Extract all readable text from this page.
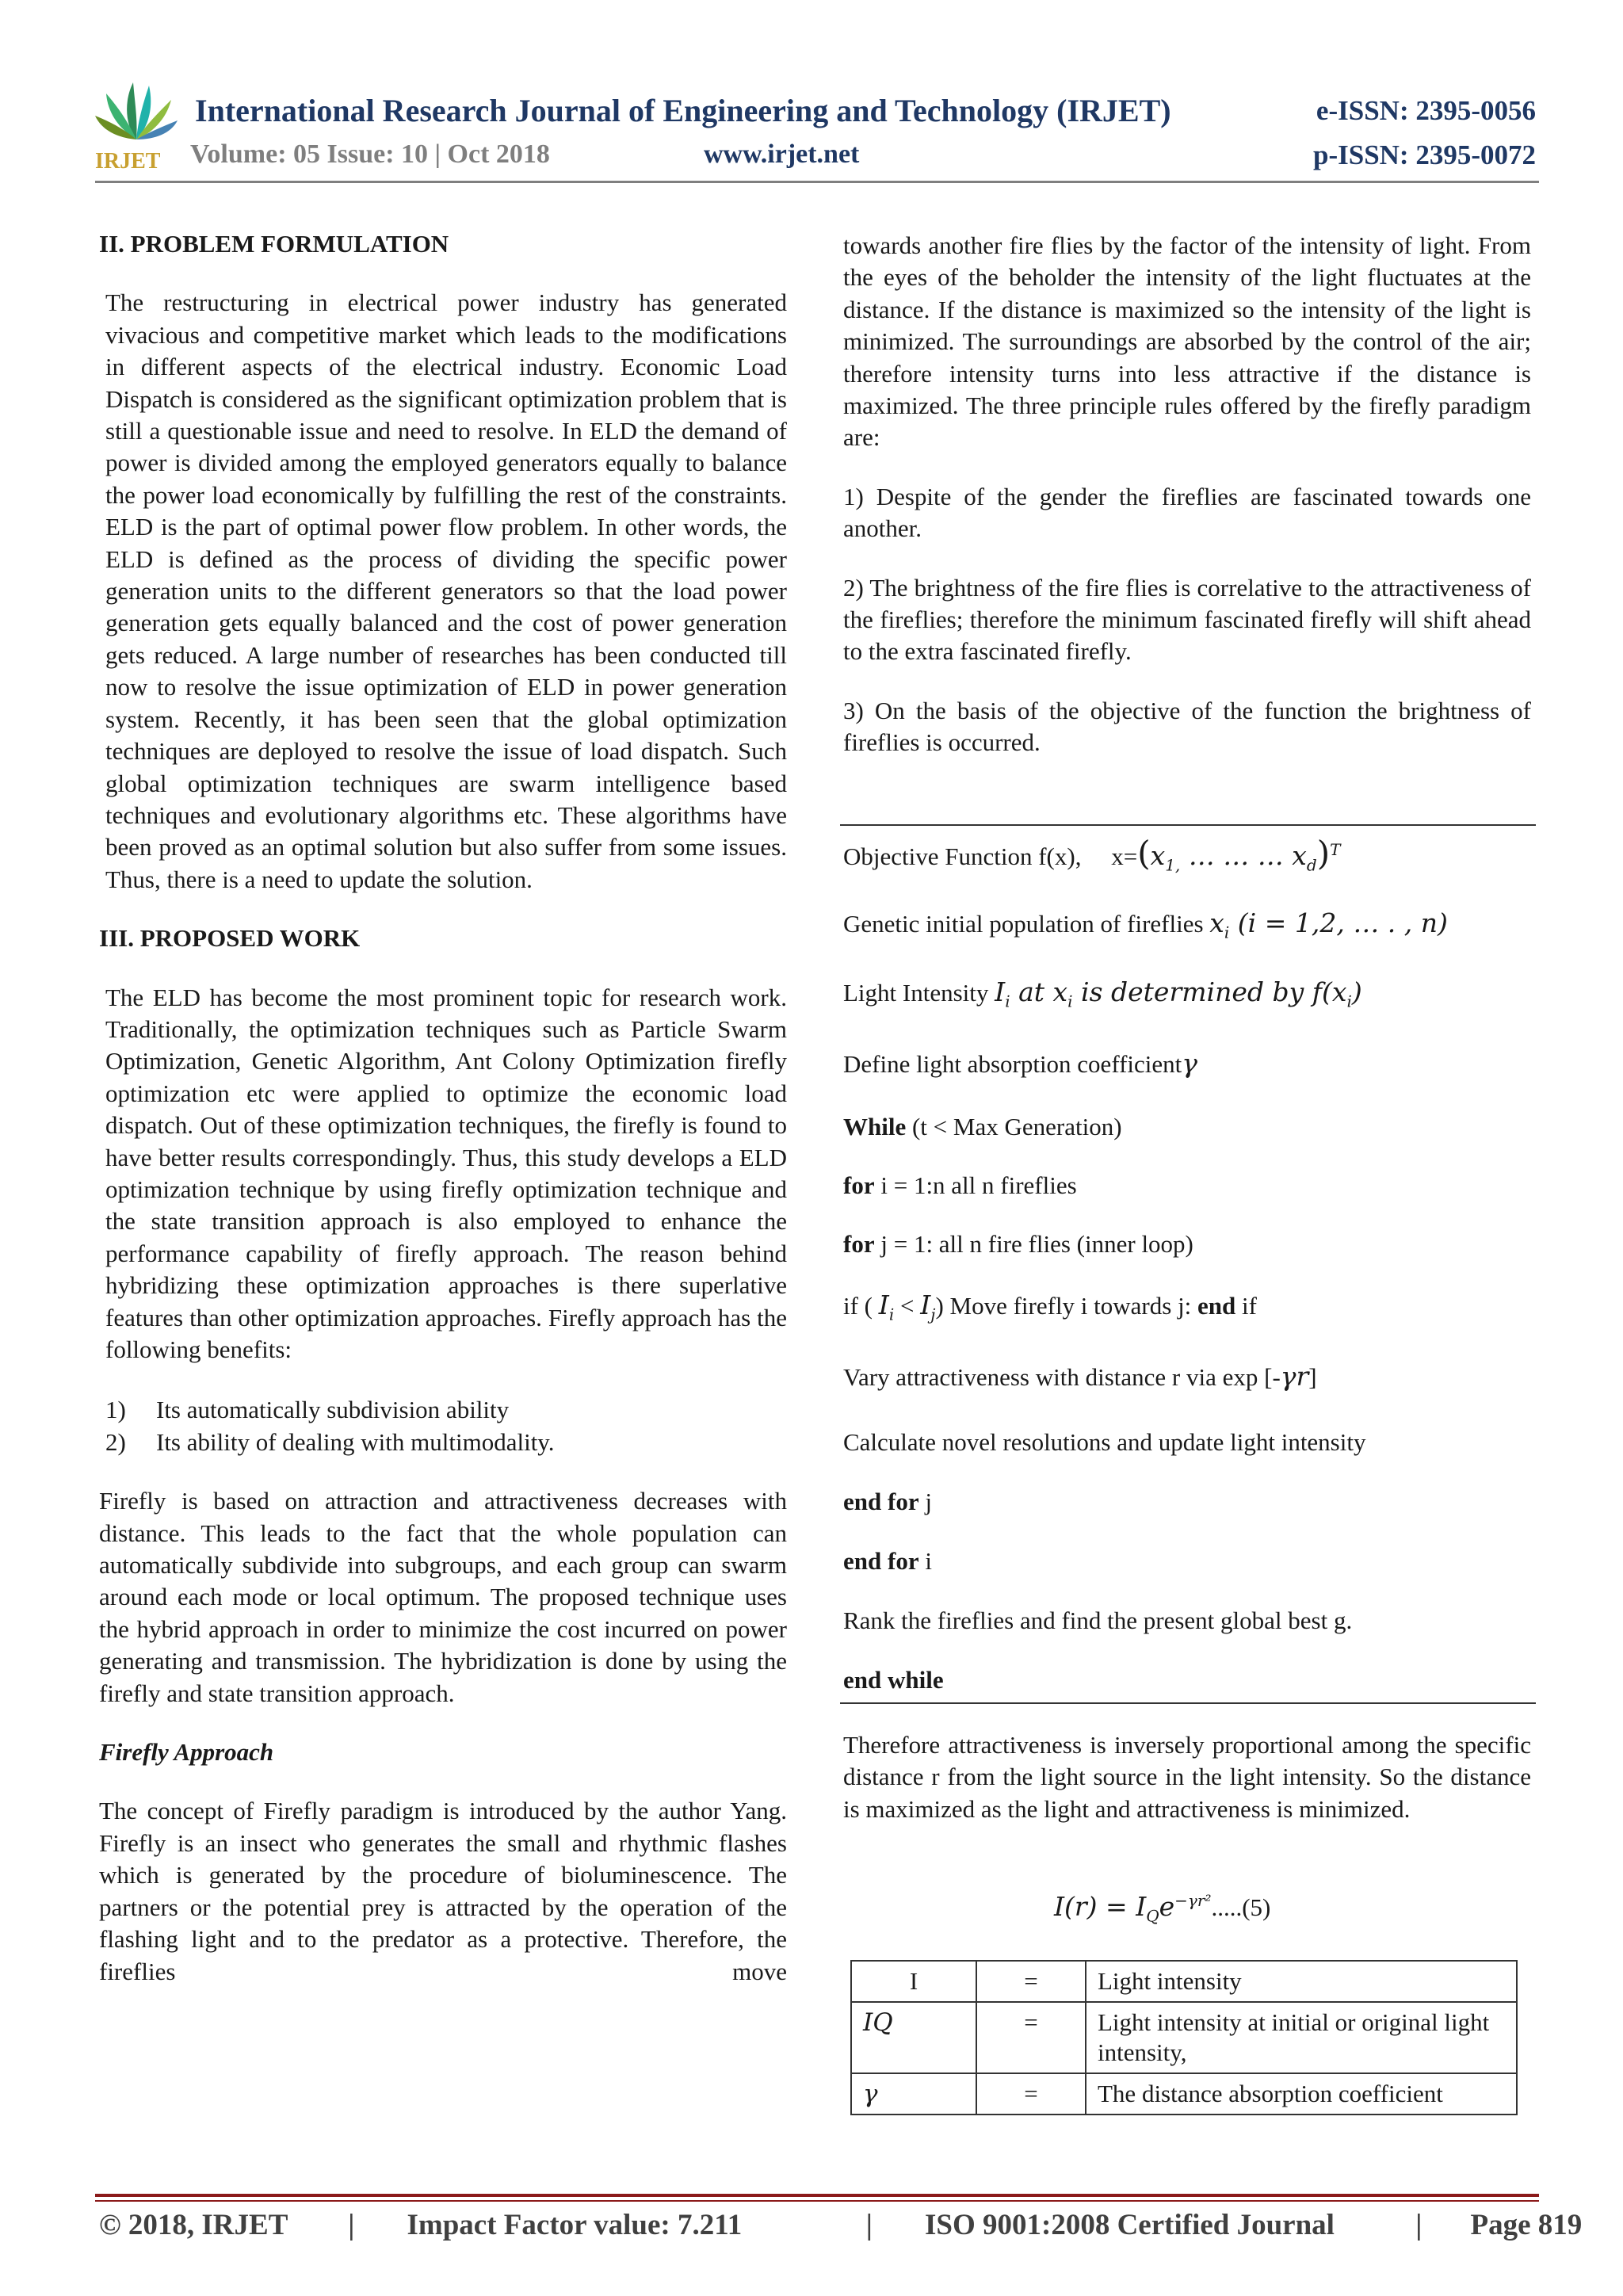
IRJET
International Research Journal of Engineering and Technology (IRJET)	e-ISSN: 2395-0056
Volume: 05 Issue: 10 | Oct 2018	www.irjet.net	p-ISSN: 2395-0072

II. PROBLEM FORMULATION

The restructuring in electrical power industry has generated vivacious and competitive market which leads to the modifications in different aspects of the electrical industry. Economic Load Dispatch is considered as the significant optimization problem that is still a questionable issue and need to resolve. In ELD the demand of power is divided among the employed generators equally to balance the power load economically by fulfilling the rest of the constraints. ELD is the part of optimal power flow problem. In other words, the ELD is defined as the process of dividing the specific power generation units to the different generators so that the load power generation gets equally balanced and the cost of power generation gets reduced. A large number of researches has been conducted till now to resolve the issue optimization of ELD in power generation system. Recently, it has been seen that the global optimization techniques are deployed to resolve the issue of load dispatch. Such global optimization techniques are swarm intelligence based techniques and evolutionary algorithms etc. These algorithms have been proved as an optimal solution but also suffer from some issues. Thus, there is a need to update the solution.

III. PROPOSED WORK

The ELD has become the most prominent topic for research work. Traditionally, the optimization techniques such as Particle Swarm Optimization, Genetic Algorithm, Ant Colony Optimization firefly optimization etc were applied to optimize the economic load dispatch. Out of these optimization techniques, the firefly is found to have better results correspondingly. Thus, this study develops a ELD optimization technique by using firefly optimization technique and the state transition approach is also employed to enhance the performance capability of firefly approach. The reason behind hybridizing these optimization approaches is there superlative features than other optimization approaches. Firefly approach has the following benefits:

1)	Its automatically subdivision ability
2)	Its ability of dealing with multimodality.

Firefly is based on attraction and attractiveness decreases with distance. This leads to the fact that the whole population can automatically subdivide into subgroups, and each group can swarm around each mode or local optimum. The proposed technique uses the hybrid approach in order to minimize the cost incurred on power generating and transmission. The hybridization is done by using the firefly and state transition approach.

Firefly Approach

The concept of Firefly paradigm is introduced by the author Yang. Firefly is an insect who generates the small and rhythmic flashes which is generated by the procedure of bioluminescence. The partners or the potential prey is attracted by the operation of the flashing light and to the predator as a protective. Therefore, the fireflies move

towards another fire flies by the factor of the intensity of light. From the eyes of the beholder the intensity of the light fluctuates at the distance. If the distance is maximized so the intensity of the light is minimized. The surroundings are absorbed by the control of the air; therefore intensity turns into less attractive if the distance is maximized. The three principle rules offered by the firefly paradigm are:

1) Despite of the gender the fireflies are fascinated towards one another.

2) The brightness of the fire flies is correlative to the attractiveness of the fireflies; therefore the minimum fascinated firefly will shift ahead to the extra fascinated firefly.

3) On the basis of the objective of the function the brightness of fireflies is occurred.

Objective Function f(x), $x=(x_{1,}$ … … … $x_d)^T$
Genetic initial population of fireflies $x_i$ (i = 1,2, … . , n)
Light Intensity $I_i$ at $x_i$ is determined by $f(x_i)$
Define light absorption coefficientγ
While (t < Max Generation)
for i = 1:n all n fireflies
for j = 1: all n fire flies (inner loop)
if ( $I_i < I_j$) Move firefly i towards j: end if
Vary attractiveness with distance r via exp [-γr]
Calculate novel resolutions and update light intensity
end for j
end for i
Rank the fireflies and find the present global best g.
end while

Therefore attractiveness is inversely proportional among the specific distance r from the light source in the light intensity. So the distance is maximized as the light and attractiveness is minimized.

$I(r) = I_Qe^{-\gamma r^2}.....(5)$
I	=	Light intensity
IQ	=	Light intensity at initial or original light intensity,
γ	=	The distance absorption coefficient
© 2018, IRJET | Impact Factor value: 7.211	| ISO 9001:2008 Certified Journal	| Page 819
